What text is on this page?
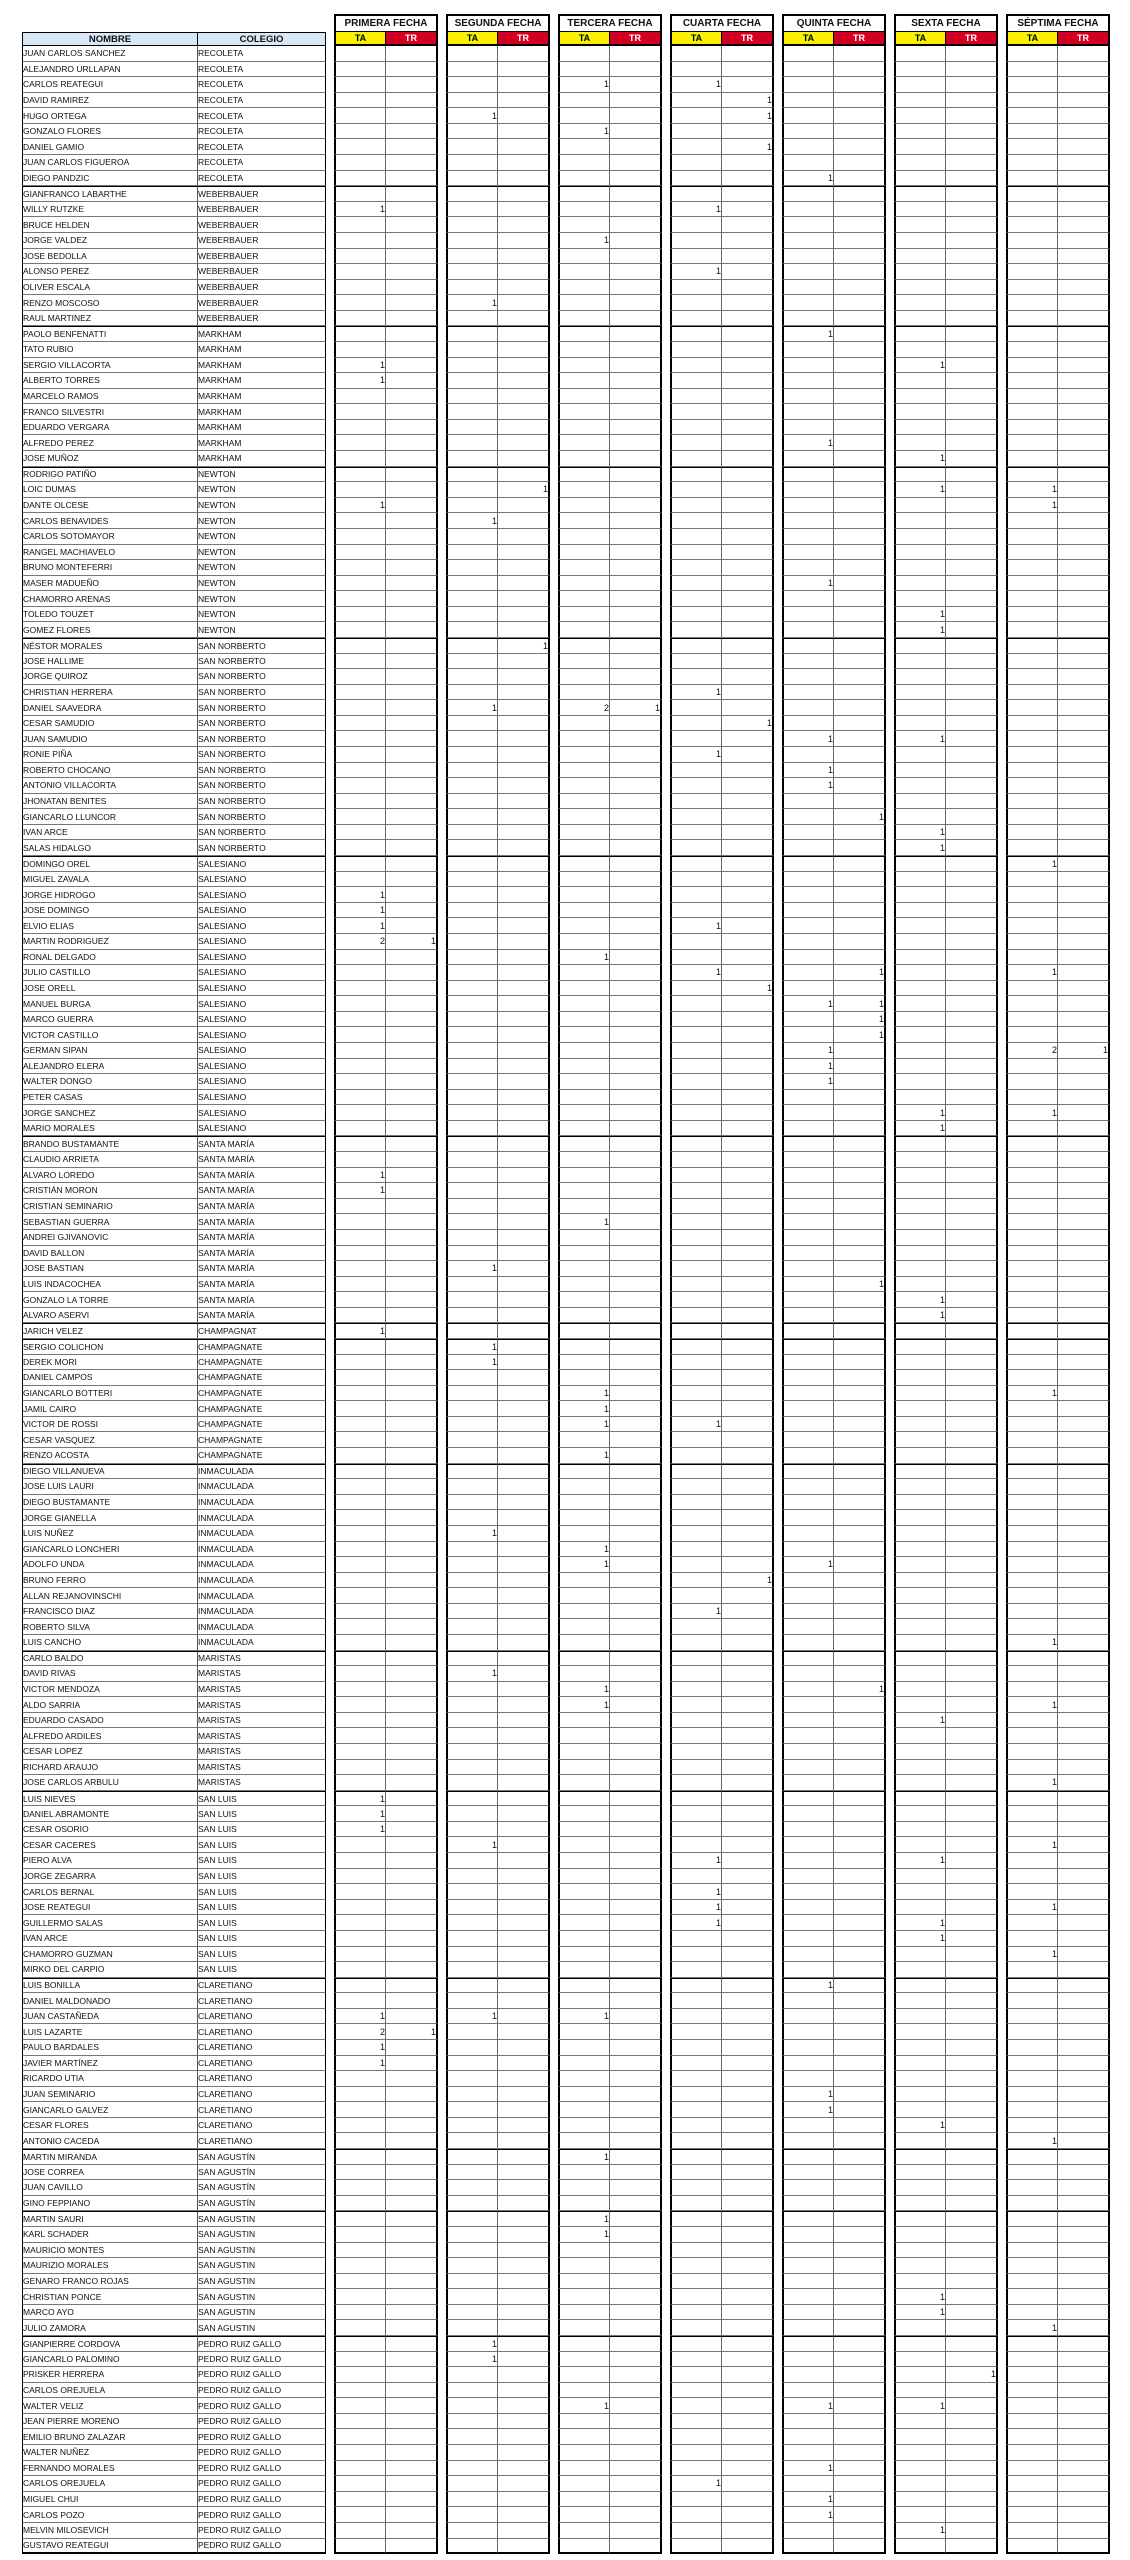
			PRIMERA FECHA			SEGUNDA FECHA			TERCERA FECHA			CUARTA FECHA			QUINTA FECHA			SEXTA FECHA			SÉPTIMA FECHA	
NOMBRE	COLEGIO		TA	TR		TA	TR		TA	TR		TA	TR		TA	TR		TA	TR		TA	TR
JUAN CARLOS SANCHEZ	RECOLETA																					
ALEJANDRO URLLAPAN	RECOLETA																					
CARLOS REATEGUI	RECOLETA								1			1										
DAVID RAMIREZ	RECOLETA												1									
HUGO ORTEGA	RECOLETA					1							1									
GONZALO FLORES	RECOLETA								1													
DANIEL GAMIO	RECOLETA												1									
JUAN CARLOS FIGUEROA	RECOLETA																					
DIEGO PANDZIC	RECOLETA														1							
GIANFRANCO LABARTHE	WEBERBAUER																					
WILLY RUTZKE	WEBERBAUER		1									1										
BRUCE HELDEN	WEBERBAUER																					
JORGE VALDEZ	WEBERBAUER								1													
JOSE BEDOLLA	WEBERBAUER																					
ALONSO PEREZ	WEBERBAUER											1										
OLIVER ESCALA	WEBERBAUER																					
RENZO MOSCOSO	WEBERBAUER					1																
RAUL MARTINEZ	WEBERBAUER																					
PAOLO BENFENATTI	MARKHAM														1							
TATO RUBIO	MARKHAM																					
SERGIO VILLACORTA	MARKHAM		1															1				
ALBERTO TORRES	MARKHAM		1																			
MARCELO RAMOS	MARKHAM																					
FRANCO SILVESTRI	MARKHAM																					
EDUARDO VERGARA	MARKHAM																					
ALFREDO PEREZ	MARKHAM														1							
JOSE MUÑOZ	MARKHAM																	1				
RODRIGO PATIÑO	NEWTON																					
LOIC DUMAS	NEWTON						1											1			1	
DANTE OLCESE	NEWTON		1																		1	
CARLOS BENAVIDES	NEWTON					1																
CARLOS SOTOMAYOR	NEWTON																					
RANGEL MACHIAVELO	NEWTON																					
BRUNO MONTEFERRI	NEWTON																					
MASER MADUEÑO	NEWTON														1							
CHAMORRO ARENAS	NEWTON																					
TOLEDO TOUZET	NEWTON																	1				
GOMEZ FLORES	NEWTON																	1				
NÉSTOR MORALES	SAN NORBERTO						1															
JOSE HALLIME	SAN NORBERTO																					
JORGE QUIROZ	SAN NORBERTO																					
CHRISTIAN HERRERA	SAN NORBERTO											1										
DANIEL SAAVEDRA	SAN NORBERTO					1			2	1												
CESAR SAMUDIO	SAN NORBERTO												1									
JUAN SAMUDIO	SAN NORBERTO														1			1				
RONIE PIÑA	SAN NORBERTO											1										
ROBERTO CHOCANO	SAN NORBERTO														1							
ANTONIO VILLACORTA	SAN NORBERTO														1							
JHONATAN BENITES	SAN NORBERTO																					
GIANCARLO LLUNCOR	SAN NORBERTO															1						
IVAN ARCE	SAN NORBERTO																	1				
SALAS HIDALGO	SAN NORBERTO																	1				
DOMINGO OREL	SALESIANO																				1	
MIGUEL ZAVALA	SALESIANO																					
JORGE HIDROGO	SALESIANO		1																			
JOSE DOMINGO	SALESIANO		1																			
ELVIO ELIAS	SALESIANO		1									1										
MARTIN RODRIGUEZ	SALESIANO		2	1																		
RONAL DELGADO	SALESIANO								1													
JULIO CASTILLO	SALESIANO											1				1					1	
JOSE ORELL	SALESIANO												1									
MANUEL BURGA	SALESIANO														1	1						
MARCO GUERRA	SALESIANO															1						
VICTOR CASTILLO	SALESIANO															1						
GERMAN SIPAN	SALESIANO														1						2	1
ALEJANDRO ELERA	SALESIANO														1							
WALTER DONGO	SALESIANO														1							
PETER CASAS	SALESIANO																					
JORGE SANCHEZ	SALESIANO																	1			1	
MARIO MORALES	SALESIANO																	1				
BRANDO BUSTAMANTE	SANTA MARÍA																					
CLAUDIO ARRIETA	SANTA MARÍA																					
ALVARO LOREDO	SANTA MARÍA		1																			
CRISTIÁN MORON	SANTA MARÍA		1																			
CRISTIAN SEMINARIO	SANTA MARÍA																					
SEBASTIAN GUERRA	SANTA MARÍA								1													
ANDREI GJIVANOVIC	SANTA MARÍA																					
DAVID BALLON	SANTA MARÍA																					
JOSE BASTIAN	SANTA MARÍA					1																
LUIS INDACOCHEA	SANTA MARÍA															1						
GONZALO LA TORRE	SANTA MARÍA																	1				
ALVARO ASERVI	SANTA MARÍA																	1				
JARICH VELEZ	CHAMPAGNAT		1																			
SERGIO COLICHON	CHAMPAGNATE					1																
DEREK MORI	CHAMPAGNATE					1																
DANIEL CAMPOS	CHAMPAGNATE																					
GIANCARLO BOTTERI	CHAMPAGNATE								1												1	
JAMIL CAIRO	CHAMPAGNATE								1													
VICTOR DE ROSSI	CHAMPAGNATE								1			1										
CESAR VASQUEZ	CHAMPAGNATE																					
RENZO ACOSTA	CHAMPAGNATE								1													
DIEGO VILLANUEVA	INMACULADA																					
JOSE LUIS LAURI	INMACULADA																					
DIEGO BUSTAMANTE	INMACULADA																					
JORGE GIANELLA	INMACULADA																					
LUIS NUÑEZ	INMACULADA					1																
GIANCARLO LONCHERI	INMACULADA								1													
ADOLFO UNDA	INMACULADA								1						1							
BRUNO FERRO	INMACULADA												1									
ALLAN REJANOVINSCHI	INMACULADA																					
FRANCISCO DIAZ	INMACULADA											1										
ROBERTO SILVA	INMACULADA																					
LUIS CANCHO	INMACULADA																				1	
CARLO BALDO	MARISTAS																					
DAVID RIVAS	MARISTAS					1																
VICTOR MENDOZA	MARISTAS								1							1						
ALDO SARRIA	MARISTAS								1												1	
EDUARDO CASADO	MARISTAS																	1				
ALFREDO ARDILES	MARISTAS																					
CESAR LOPEZ	MARISTAS																					
RICHARD ARAUJO	MARISTAS																					
JOSE CARLOS ARBULU	MARISTAS																				1	
LUIS NIEVES	SAN LUIS		1																			
DANIEL ABRAMONTE	SAN LUIS		1																			
CESAR OSORIO	SAN LUIS		1																			
CESAR CACERES	SAN LUIS					1															1	
PIERO ALVA	SAN LUIS											1						1				
JORGE ZEGARRA	SAN LUIS																					
CARLOS BERNAL	SAN LUIS											1										
JOSE REATEGUI	SAN LUIS											1									1	
GUILLERMO SALAS	SAN LUIS											1						1				
IVAN ARCE	SAN LUIS																	1				
CHAMORRO GUZMAN	SAN LUIS																				1	
MIRKO DEL CARPIO	SAN LUIS																					
LUIS BONILLA	CLARETIANO														1							
DANIEL MALDONADO	CLARETIANO																					
JUAN CASTAÑEDA	CLARETIANO		1			1			1													
LUIS LAZARTE	CLARETIANO		2	1																		
PAULO BARDALES	CLARETIANO		1																			
JAVIER MARTÍNEZ	CLARETIANO		1																			
RICARDO UTIA	CLARETIANO																					
JUAN SEMINARIO	CLARETIANO														1							
GIANCARLO GALVEZ	CLARETIANO														1							
CESAR FLORES	CLARETIANO																	1				
ANTONIO CACEDA	CLARETIANO																				1	
MARTIN MIRANDA	SAN AGUSTÍN								1													
JOSE CORREA	SAN AGUSTÍN																					
JUAN CAVILLO	SAN AGUSTÍN																					
GINO FEPPIANO	SAN AGUSTÍN																					
MARTIN SAURI	SAN AGUSTIN								1													
KARL SCHADER	SAN AGUSTIN								1													
MAURICIO MONTES	SAN AGUSTIN																					
MAURIZIO MORALES	SAN AGUSTIN																					
GENARO FRANCO ROJAS	SAN AGUSTIN																					
CHRISTIAN PONCE	SAN AGUSTIN																	1				
MARCO AYO	SAN AGUSTIN																	1				
JULIO ZAMORA	SAN AGUSTIN																				1	
GIANPIERRE CORDOVA	PEDRO RUIZ GALLO					1																
GIANCARLO PALOMINO	PEDRO RUIZ GALLO					1																
PRISKER HERRERA	PEDRO RUIZ GALLO																		1			
CARLOS OREJUELA	PEDRO RUIZ GALLO																					
WALTER VELIZ	PEDRO RUIZ GALLO								1						1			1				
JEAN PIERRE MORENO	PEDRO RUIZ GALLO																					
EMILIO BRUNO ZALAZAR	PEDRO RUIZ GALLO																					
WALTER NUÑEZ	PEDRO RUIZ GALLO																					
FERNANDO MORALES	PEDRO RUIZ GALLO														1							
CARLOS OREJUELA	PEDRO RUIZ GALLO											1										
MIGUEL CHUI	PEDRO RUIZ GALLO														1							
CARLOS POZO	PEDRO RUIZ GALLO														1							
MELVIN MILOSEVICH	PEDRO RUIZ GALLO																	1				
GUSTAVO REATEGUI	PEDRO RUIZ GALLO																					
